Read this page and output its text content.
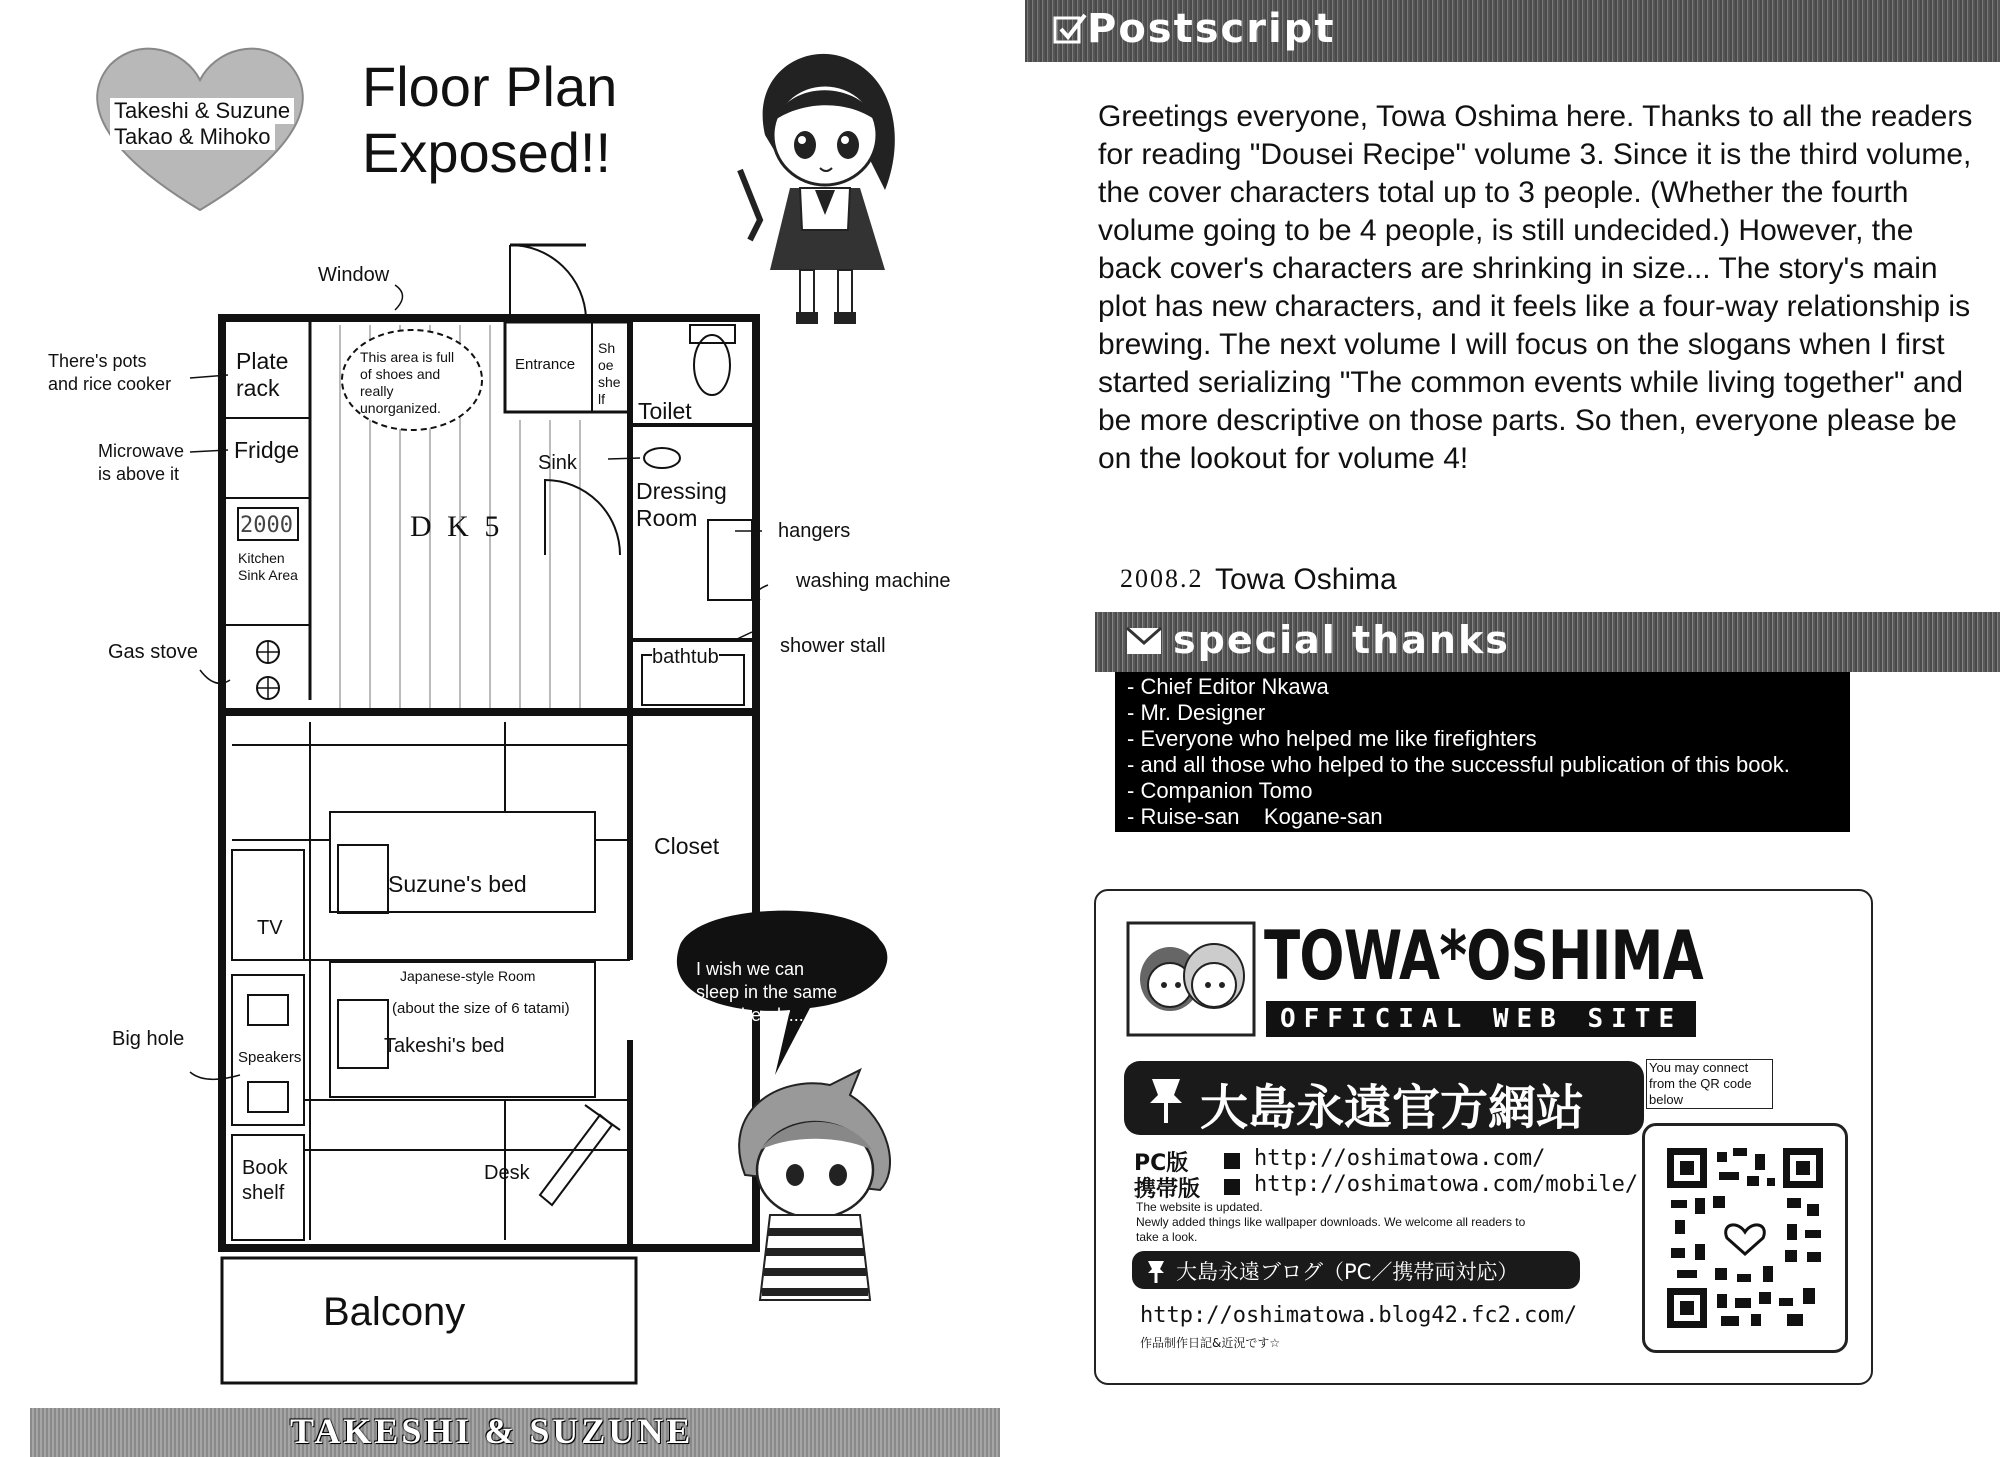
Takeshi & Suzune
Takao & Mihoko
Floor Plan
Exposed!!
Window
There's pots
and rice cooker
Plate
rack
Microwave
is above it
Fridge
2000
This area is full
of shoes and
really
unorganized.
Entrance
Sh
oe
she
lf Toilet
Sink
Dressing
Room
D K 5	hangers
washing machine
Kitchen
Sink Area
Gas stove	bathtub	shower stall
Closet
Suzune's bed
TV
Japanese-style Room
(about the size of 6 tatami)
Takeshi's bed
Big hole
Speakers
Book
shelf
Desk
Balcony
I wish we can
sleep in the same
bed already...
TAKESHI & SUZUNE
Postscript
Greetings everyone, Towa Oshima here. Thanks to all the readers for reading "Dousei Recipe" volume 3. Since it is the third volume, the cover characters total up to 3 people. (Whether the fourth volume going to be 4 people, is still undecided.) However, the back cover's characters are shrinking in size... The story's main plot has new characters, and it feels like a four-way relationship is brewing. The next volume I will focus on the slogans when I first started serializing "The common events while living together" and be more descriptive on those parts. So then, everyone please be on the lookout for volume 4!
2008.2 Towa Oshima
special thanks
- Chief Editor Nkawa
- Mr. Designer
- Everyone who helped me like firefighters
- and all those who helped to the successful publication of this book.
- Companion Tomo
- Ruise-san    Kogane-san
TOWA*OSHIMA
OFFICIAL WEB SITE
大島永遠官方網站
You may connect
from the QR code
below
PC版
携帯版
http://oshimatowa.com/
http://oshimatowa.com/mobile/
The website is updated.
Newly added things like wallpaper downloads. We welcome all readers to
take a look.
大島永遠ブログ（PC／携帯両対応）
http://oshimatowa.blog42.fc2.com/
作品制作日記&近況です☆
